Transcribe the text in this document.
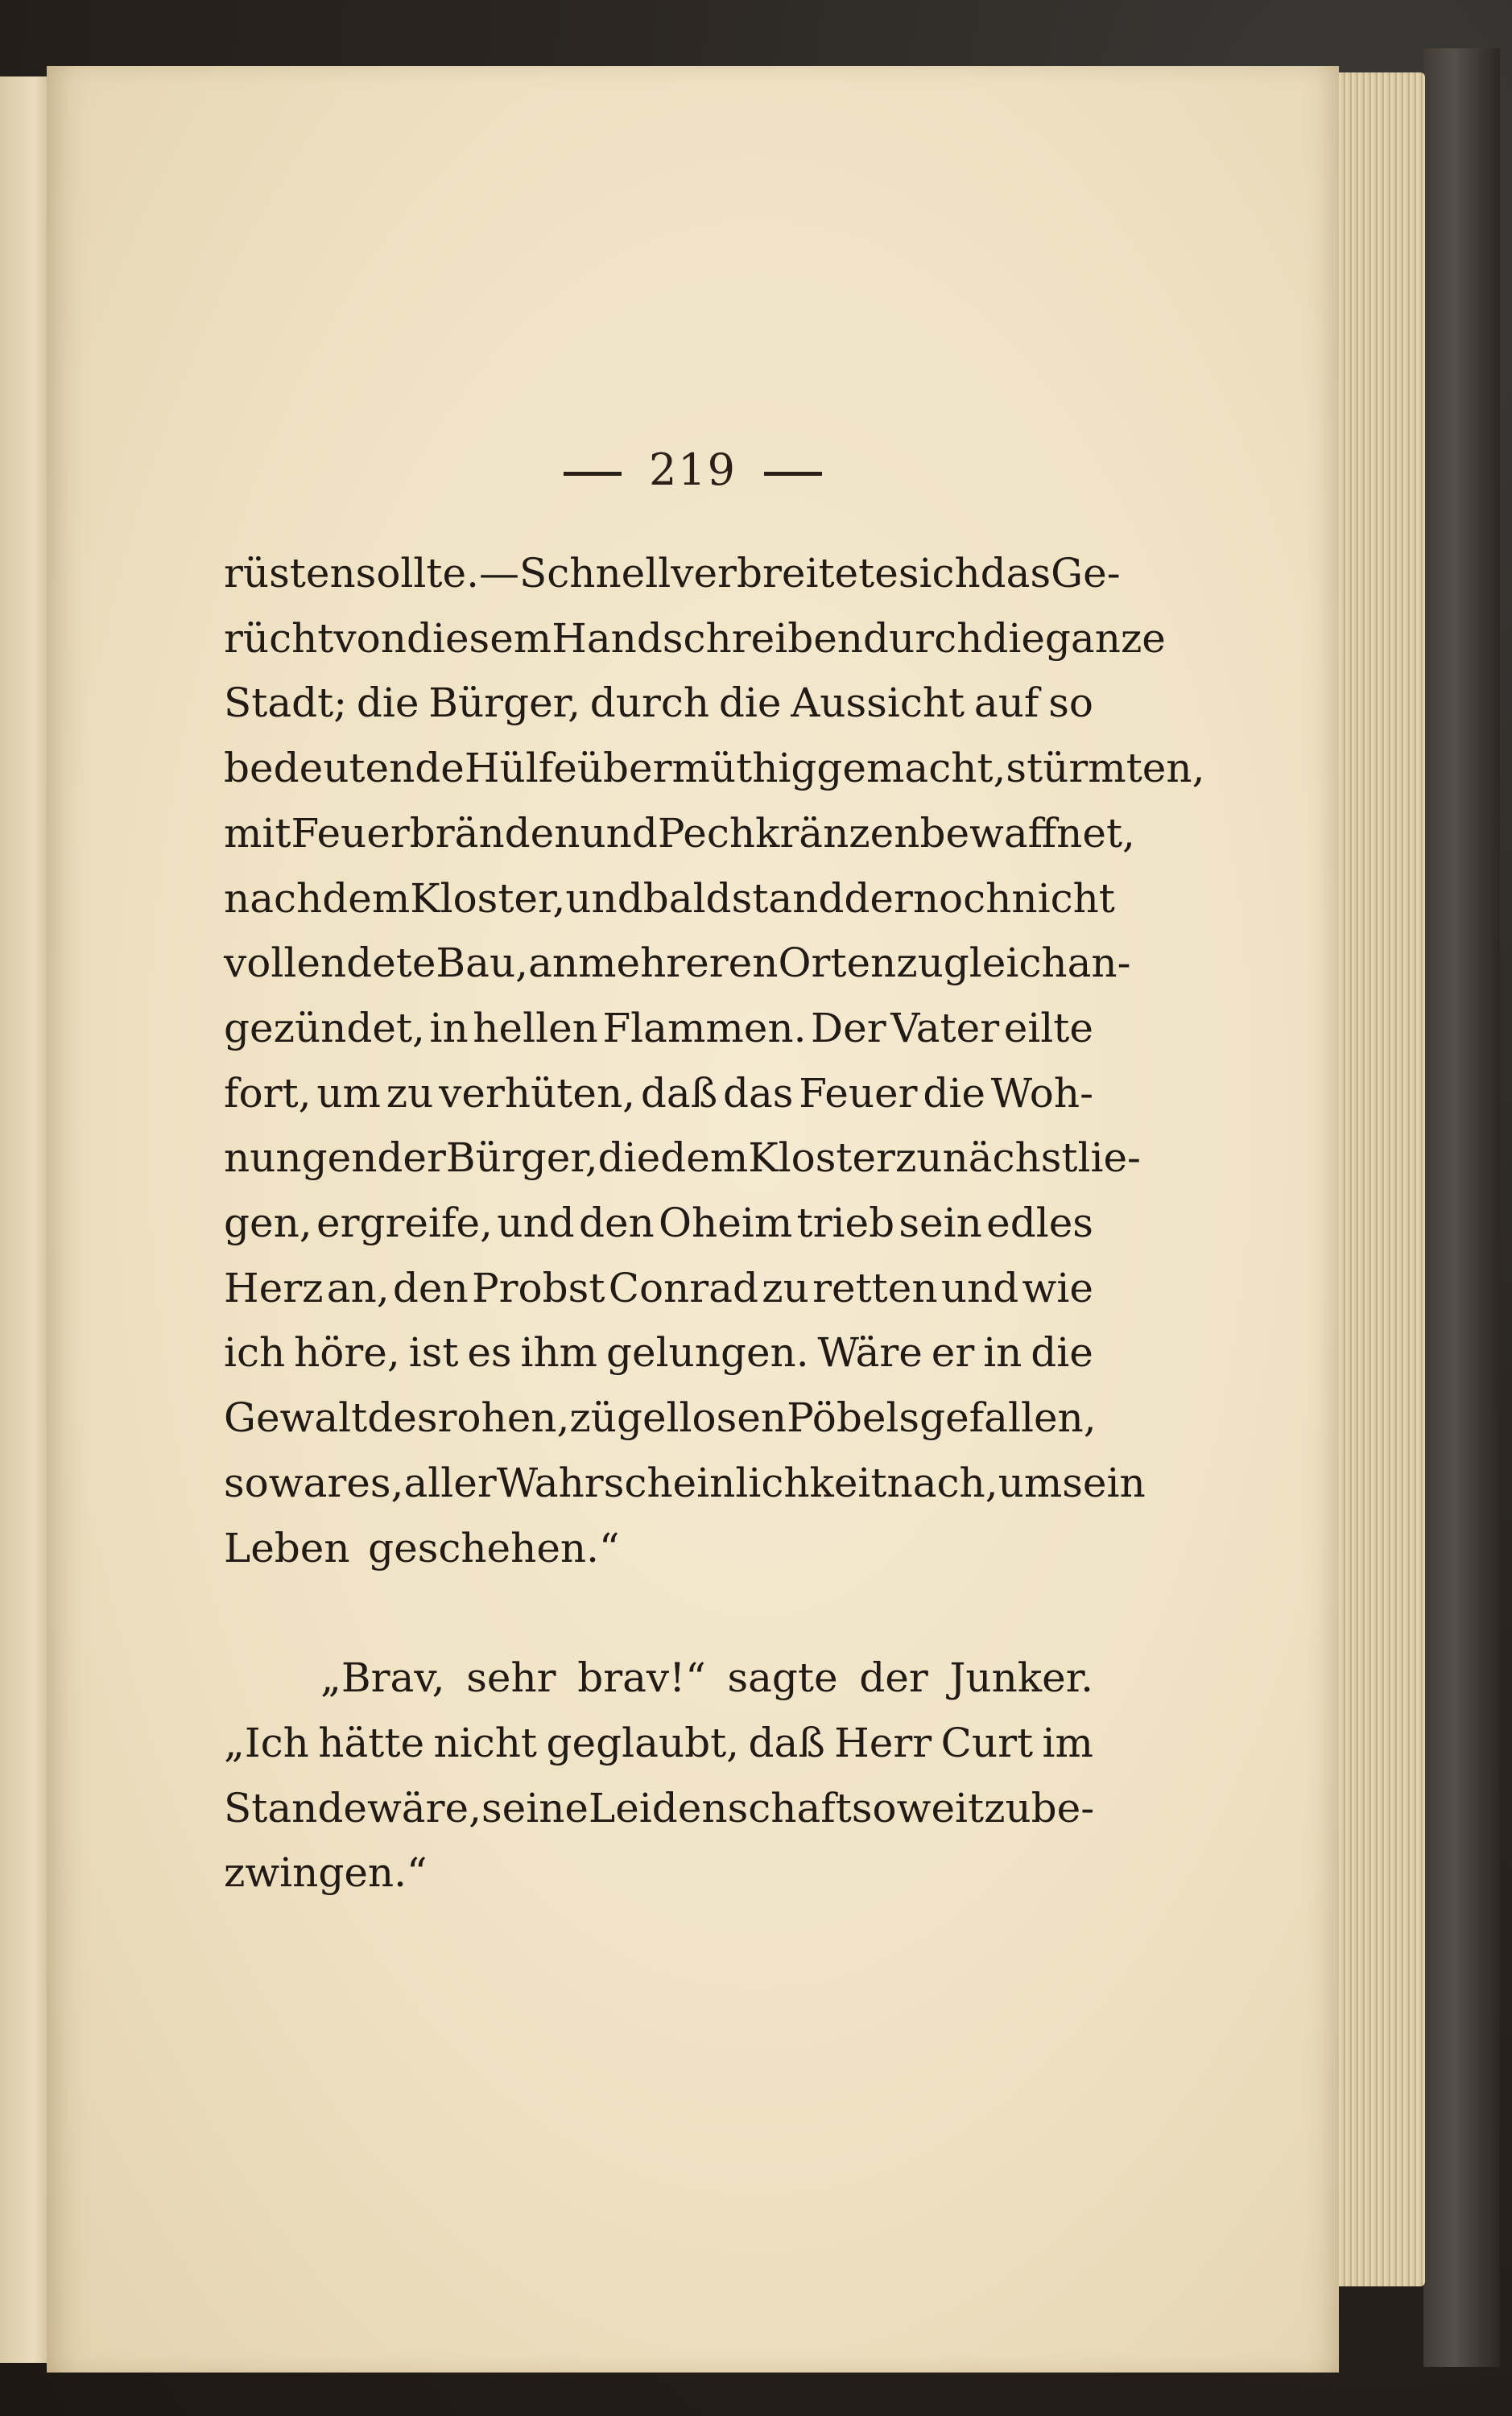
219
rüsten sollte. — Schnell verbreitete sich das Ge-
rücht von diesem Handschreiben durch die ganze
Stadt; die Bürger, durch die Aussicht auf so
bedeutende Hülfe übermüthig gemacht, stürmten,
mit Feuerbränden und Pechkränzen bewaffnet,
nach dem Kloster, und bald stand der noch nicht
vollendete Bau, an mehreren Orten zugleich an-
gezündet, in hellen Flammen. Der Vater eilte
fort, um zu verhüten, daß das Feuer die Woh-
nungen der Bürger, die dem Kloster zunächst lie-
gen, ergreife, und den Oheim trieb sein edles
Herz an, den Probst Conrad zu retten und wie
ich höre, ist es ihm gelungen. Wäre er in die
Gewalt des rohen, zügellosen Pöbels gefallen,
so war es, aller Wahrscheinlichkeit nach, um sein
Leben geschehen.“
„Brav, sehr brav!“ sagte der Junker.
„Ich hätte nicht geglaubt, daß Herr Curt im
Stande wäre, seine Leidenschaft so weit zu be-
zwingen.“
